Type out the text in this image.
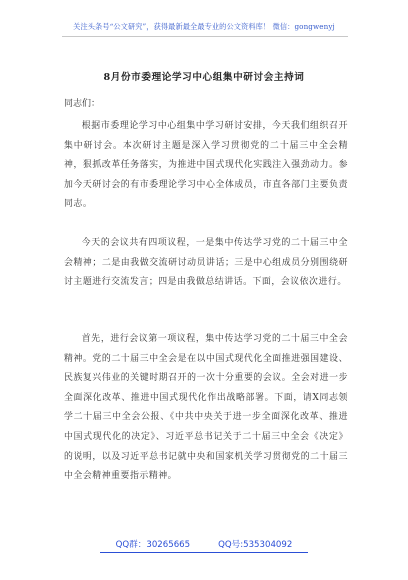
关注头条号“公文研究”，获得最新最全最专业的公文资料库！ 微信：gongwenyj
8月份市委理论学习中心组集中研讨会主持词
同志们：

根据市委理论学习中心组集中学习研讨安排，今天我们组织召开集中研讨会。本次研讨主题是深入学习贯彻党的二十届三中全会精神，狠抓改革任务落实，为推进中国式现代化实践注入强劲动力。参加今天研讨会的有市委理论学习中心全体成员，市直各部门主要负责同志。

今天的会议共有四项议程，一是集中传达学习党的二十届三中全会精神；二是由我做交流研讨动员讲话；三是中心组成员分别围绕研讨主题进行交流发言；四是由我做总结讲话。下面，会议依次进行。

首先，进行会议第一项议程，集中传达学习党的二十届三中全会精神。党的二十届三中全会是在以中国式现代化全面推进强国建设、民族复兴伟业的关键时期召开的一次十分重要的会议。全会对进一步全面深化改革、推进中国式现代化作出战略部署。下面，请X同志领学二十届三中全会公报、《中共中央关于进一步全面深化改革、推进中国式现代化的决定》、习近平总书记关于二十届三中全会《决定》的说明，以及习近平总书记就中央和国家机关学习贯彻党的二十届三中全会精神重要指示精神。

QQ群：30265665	QQ号:535304092
